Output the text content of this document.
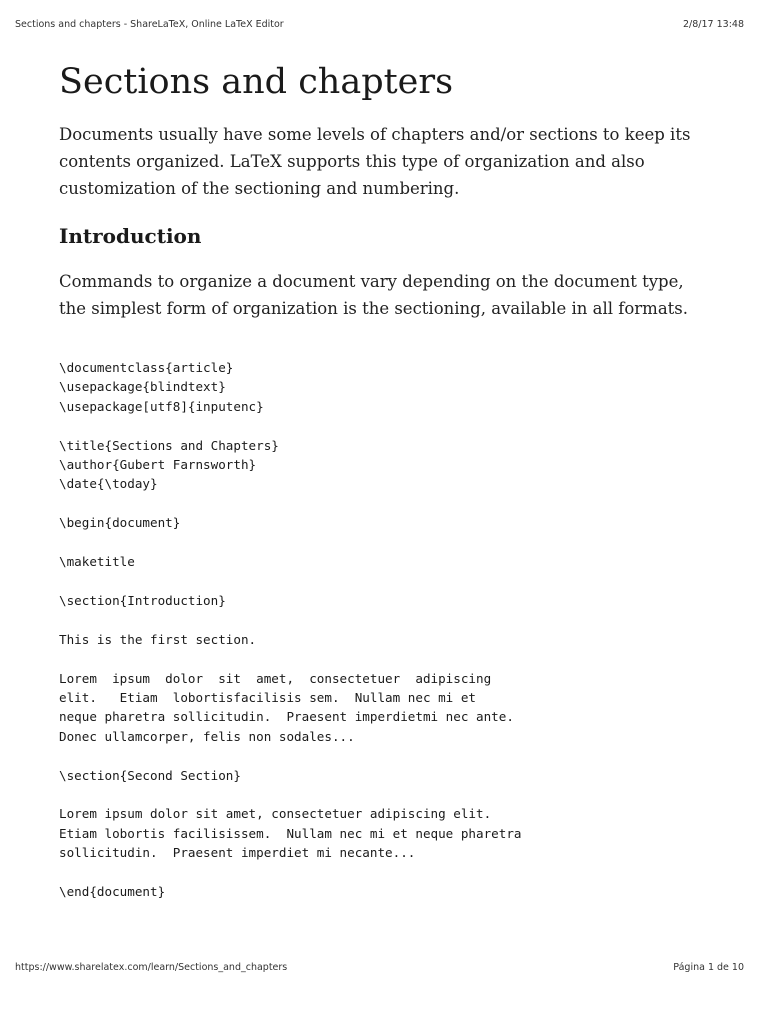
Sections and chapters - ShareLaTeX, Online LaTeX Editor	2/8/17 13:48
Sections and chapters

Documents usually have some levels of chapters and/or sections to keep its
contents organized. LaTeX supports this type of organization and also
customization of the sectioning and numbering.

Introduction

Commands to organize a document vary depending on the document type,
the simplest form of organization is the sectioning, available in all formats.

\documentclass{article}
\usepackage{blindtext}
\usepackage[utf8]{inputenc}

\title{Sections and Chapters}
\author{Gubert Farnsworth}
\date{\today}

\begin{document}

\maketitle

\section{Introduction}

This is the first section.

Lorem  ipsum  dolor  sit  amet,  consectetuer  adipiscing
elit.   Etiam  lobortisfacilisis sem.  Nullam nec mi et
neque pharetra sollicitudin.  Praesent imperdietmi nec ante.
Donec ullamcorper, felis non sodales...

\section{Second Section}

Lorem ipsum dolor sit amet, consectetuer adipiscing elit.
Etiam lobortis facilisissem.  Nullam nec mi et neque pharetra
sollicitudin.  Praesent imperdiet mi necante...

\end{document}
https://www.sharelatex.com/learn/Sections_and_chapters	Página 1 de 10
